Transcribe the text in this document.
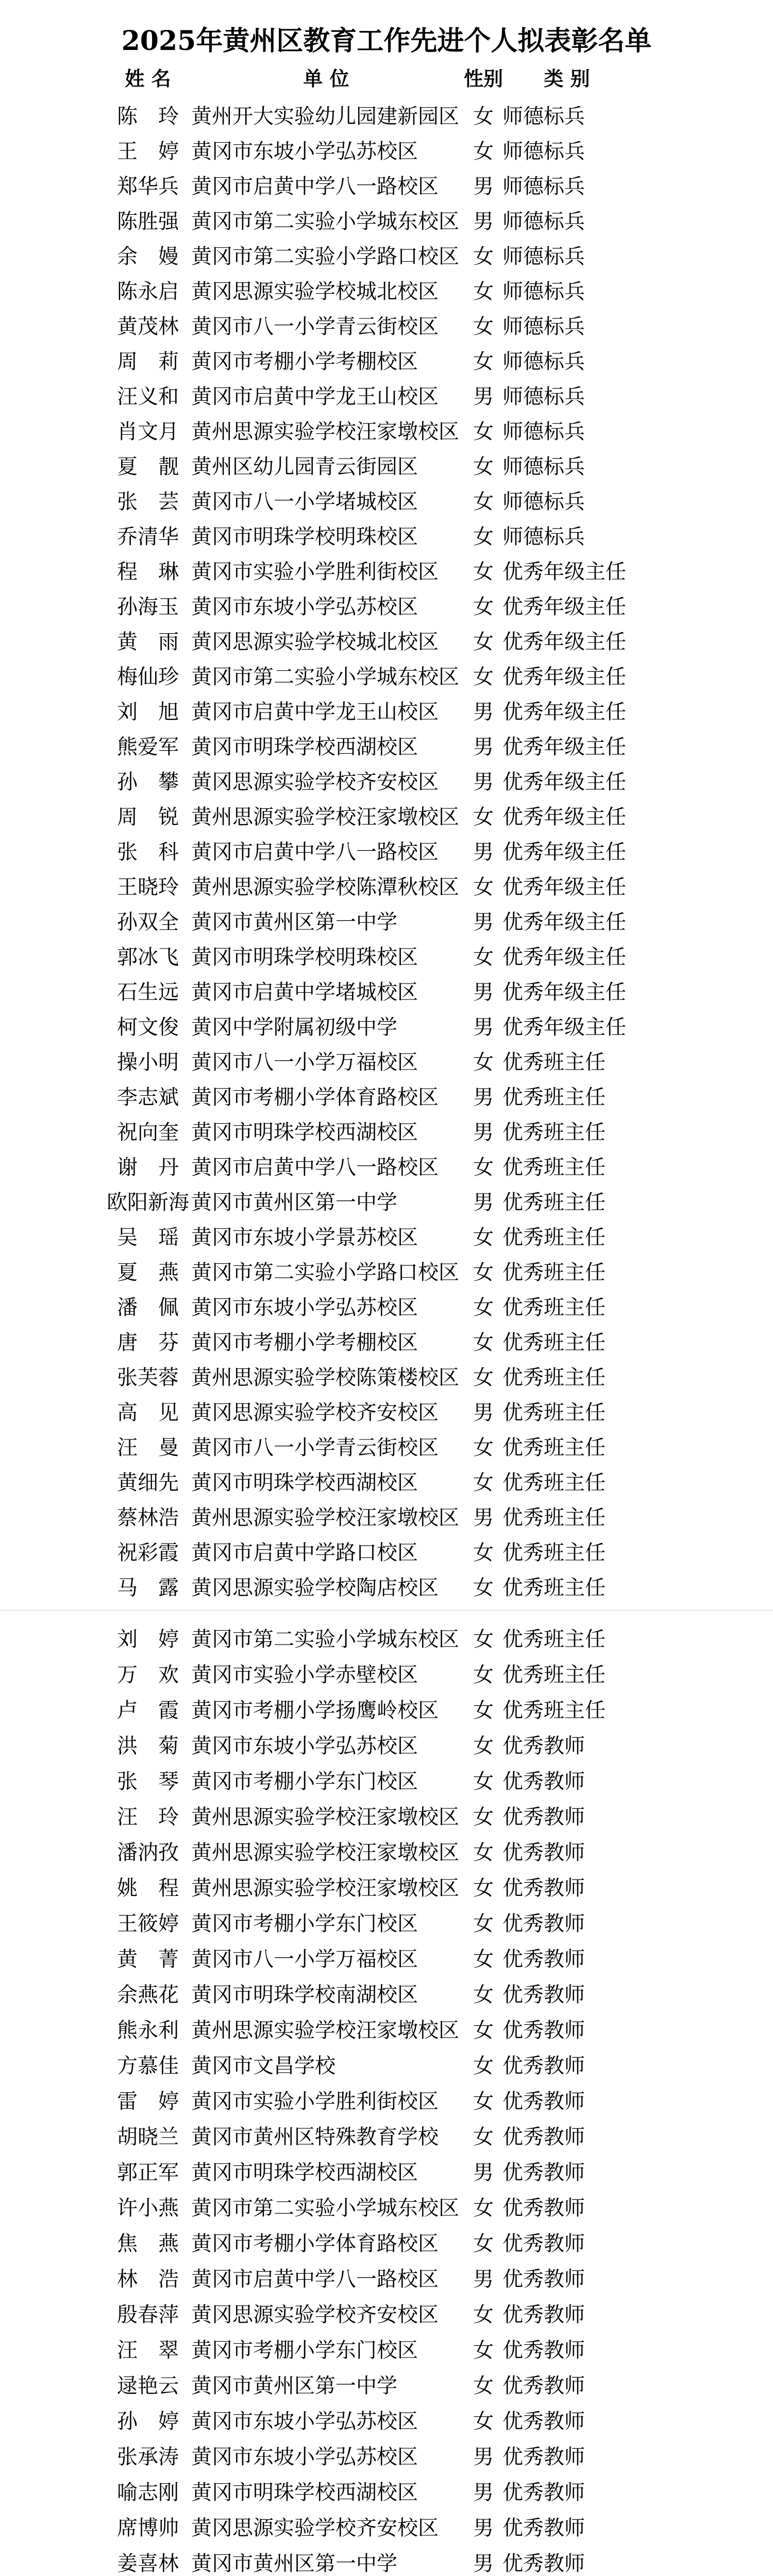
2025年黄州区教育工作先进个人拟表彰名单
姓 名	单 位	性别	类 别
陈 玲 黄州开大实验幼儿园建新园区 女 师德标兵
王 婷 黄冈市东坡小学弘苏校区	女 师德标兵
郑华兵 黄冈市启黄中学八一路校区 男 师德标兵
陈胜强 黄冈市第二实验小学城东校区 男 师德标兵
余 嫚 黄冈市第二实验小学路口校区 女 师德标兵
陈永启 黄冈思源实验学校城北校区 女 师德标兵
黄茂林 黄冈市八一小学青云街校区 女 师德标兵
周 莉 黄冈市考棚小学考棚校区	女 师德标兵
汪义和 黄冈市启黄中学龙王山校区 男 师德标兵
肖文月 黄州思源实验学校汪家墩校区 女 师德标兵
夏 靓 黄州区幼儿园青云街园区	女 师德标兵
张 芸 黄冈市八一小学堵城校区	女 师德标兵
乔清华 黄冈市明珠学校明珠校区	女 师德标兵
程 琳 黄冈市实验小学胜利街校区 女 优秀年级主任
孙海玉 黄冈市东坡小学弘苏校区	女 优秀年级主任
黄 雨 黄冈思源实验学校城北校区 女 优秀年级主任
梅仙珍 黄冈市第二实验小学城东校区 女 优秀年级主任
刘 旭 黄冈市启黄中学龙王山校区 男 优秀年级主任
熊爱军 黄冈市明珠学校西湖校区	男 优秀年级主任
孙 攀 黄冈思源实验学校齐安校区 男 优秀年级主任
周 锐 黄州思源实验学校汪家墩校区 女 优秀年级主任
张 科 黄冈市启黄中学八一路校区 男 优秀年级主任
王晓玲 黄州思源实验学校陈潭秋校区 女 优秀年级主任
孙双全 黄冈市黄州区第一中学	男 优秀年级主任
郭冰飞 黄冈市明珠学校明珠校区	女 优秀年级主任
石生远 黄冈市启黄中学堵城校区	男 优秀年级主任
柯文俊 黄冈中学附属初级中学	男 优秀年级主任
操小明 黄冈市八一小学万福校区	女 优秀班主任
李志斌 黄冈市考棚小学体育路校区 男 优秀班主任
祝向奎 黄冈市明珠学校西湖校区	男 优秀班主任
谢 丹 黄冈市启黄中学八一路校区 女 优秀班主任
欧阳新海 黄冈市黄州区第一中学	男 优秀班主任
吴 瑶 黄冈市东坡小学景苏校区	女 优秀班主任
夏 燕 黄冈市第二实验小学路口校区 女 优秀班主任
潘 佩 黄冈市东坡小学弘苏校区	女 优秀班主任
唐 芬 黄冈市考棚小学考棚校区	女 优秀班主任
张芙蓉 黄州思源实验学校陈策楼校区 女 优秀班主任
高 见 黄冈思源实验学校齐安校区 男 优秀班主任
汪 曼 黄冈市八一小学青云街校区 女 优秀班主任
黄细先 黄冈市明珠学校西湖校区	女 优秀班主任
蔡林浩 黄州思源实验学校汪家墩校区 男 优秀班主任
祝彩霞 黄冈市启黄中学路口校区	女 优秀班主任
马 露 黄冈思源实验学校陶店校区 女 优秀班主任
刘 婷 黄冈市第二实验小学城东校区 女 优秀班主任
万 欢 黄冈市实验小学赤壁校区	女 优秀班主任
卢 霞 黄冈市考棚小学扬鹰岭校区 女 优秀班主任
洪 菊 黄冈市东坡小学弘苏校区	女 优秀教师
张 琴 黄冈市考棚小学东门校区	女 优秀教师
汪 玲 黄州思源实验学校汪家墩校区 女 优秀教师
潘汭孜 黄州思源实验学校汪家墩校区 女 优秀教师
姚 程 黄州思源实验学校汪家墩校区 女 优秀教师
王筱婷 黄冈市考棚小学东门校区	女 优秀教师
黄 菁 黄冈市八一小学万福校区	女 优秀教师
余燕花 黄冈市明珠学校南湖校区	女 优秀教师
熊永利 黄州思源实验学校汪家墩校区 女 优秀教师
方慕佳 黄冈市文昌学校	女 优秀教师
雷 婷 黄冈市实验小学胜利街校区 女 优秀教师
胡晓兰 黄冈市黄州区特殊教育学校 女 优秀教师
郭正军 黄冈市明珠学校西湖校区	男 优秀教师
许小燕 黄冈市第二实验小学城东校区 女 优秀教师
焦 燕 黄冈市考棚小学体育路校区 女 优秀教师
林 浩 黄冈市启黄中学八一路校区 男 优秀教师
殷春萍 黄冈思源实验学校齐安校区 女 优秀教师
汪 翠 黄冈市考棚小学东门校区	女 优秀教师
逯艳云 黄冈市黄州区第一中学	女 优秀教师
孙 婷 黄冈市东坡小学弘苏校区	女 优秀教师
张承涛 黄冈市东坡小学弘苏校区	男 优秀教师
喻志刚 黄冈市明珠学校西湖校区	男 优秀教师
席博帅 黄冈思源实验学校齐安校区 男 优秀教师
姜喜林 黄冈市黄州区第一中学	男 优秀教师
